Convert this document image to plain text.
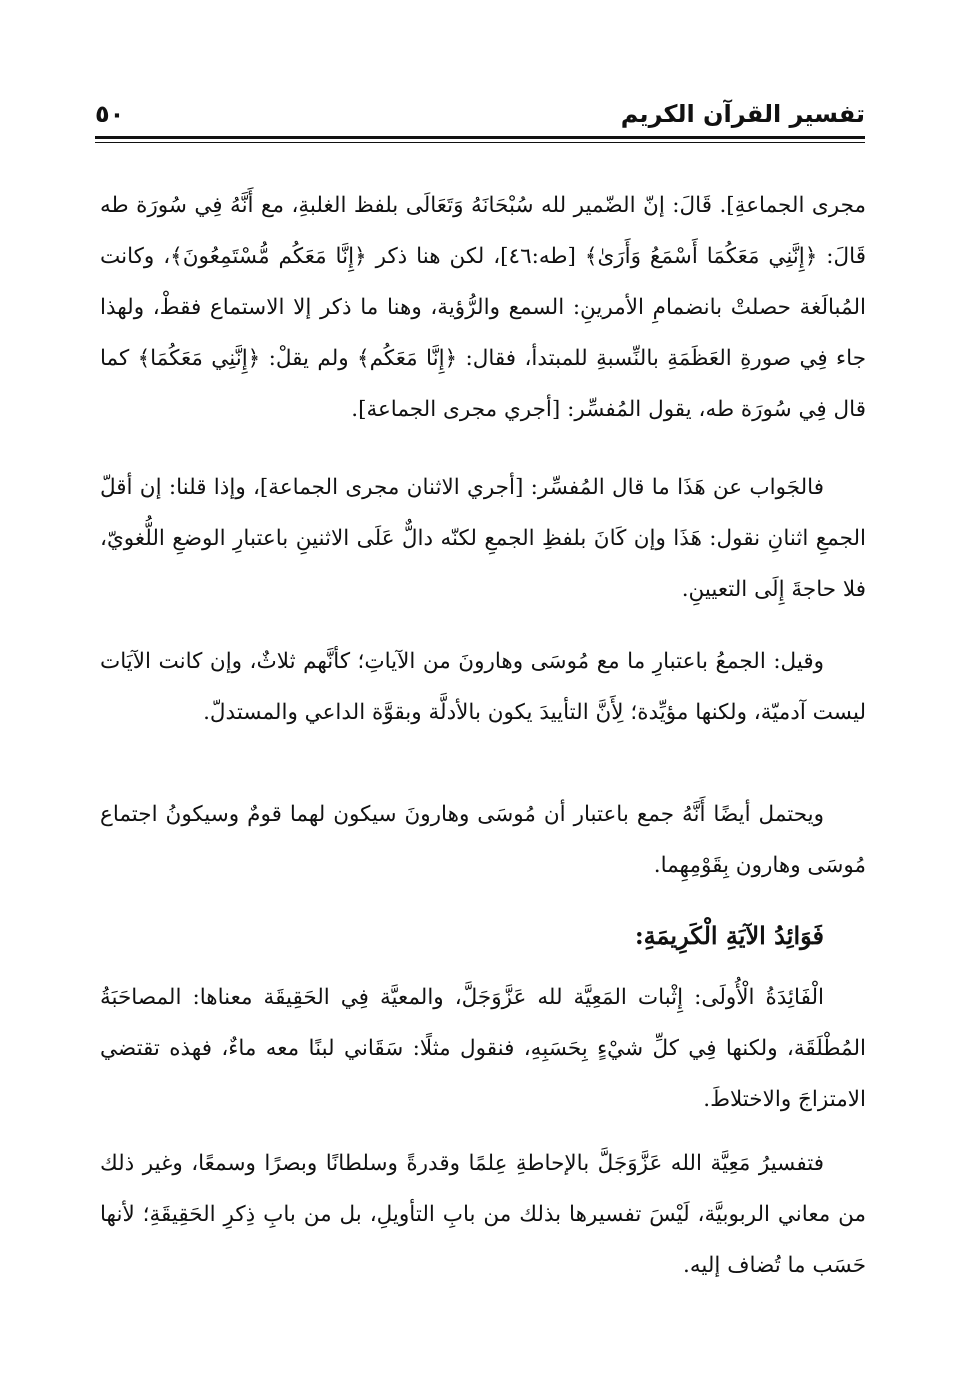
تفسير القرآن الكريم
٥٠

مجرى الجماعةِ]. قَالَ: إنّ الضّمير لله سُبْحَانَهُ وَتَعَالَى بلفظ الغلبةِ، مع أَنَّهُ فِي سُورَة طه قَالَ: ﴿إِنَّنِي مَعَكُمَا أَسْمَعُ وَأَرَىٰ﴾ [طه:٤٦]، لكن هنا ذكر ﴿إِنَّا مَعَكُم مُّسْتَمِعُونَ﴾، وكانت المُبالَغة حصلتْ بانضمامِ الأمرينِ: السمع والرُّؤية، وهنا ما ذكر إلا الاستماع فقطْ، ولهذا جاء فِي صورةِ العَظَمَةِ بالنِّسبةِ للمبتدأ، فقال: ﴿إِنَّا مَعَكُم﴾ ولم يقلْ: ﴿إِنَّنِي مَعَكُمَا﴾ كما قال فِي سُورَة طه، يقول المُفسِّر: [أجري مجرى الجماعة].

فالجَواب عن هَذَا ما قال المُفسِّر: [أجري الاثنان مجرى الجماعة]، وإذا قلنا: إن أقلّ الجمعِ اثنانِ نقول: هَذَا وإن كَانَ بلفظِ الجمعِ لكنّه دالٌّ عَلَى الاثنينِ باعتبارِ الوضعِ اللُّغويّ، فلا حاجةَ إِلَى التعيينِ.

وقيل: الجمعُ باعتبارِ ما مع مُوسَى وهارونَ من الآياتِ؛ كأنَّهم ثلاثٌ، وإن كانت الآيَات ليست آدميّة، ولكنها مؤيِّدة؛ لِأَنَّ التأييدَ يكون بالأدلَّة وبقوَّة الداعي والمستدلّ.

ويحتمل أيضًا أَنَّهُ جمع باعتبار أن مُوسَى وهارونَ سيكون لهما قومٌ وسيكونُ اجتماع مُوسَى وهارون بِقَوْمِهِما.

فَوَائِدُ الآيَةِ الْكَرِيمَةِ:

الْفَائِدَةُ الْأُولَى: إِثْبات المَعِيَّة لله عَزَّوَجَلَّ، والمعيَّة فِي الحَقِيقَة معناها: المصاحَبَةُ المُطْلَقَة، ولكنها فِي كلِّ شيْءٍ بِحَسَبِهِ، فنقول مثلًا: سَقَاني لبنًا معه ماءٌ، فهذه تقتضي الامتزاجَ والاختلاطَ.

فتفسيرُ مَعِيَّة الله عَزَّوَجَلَّ بالإحاطةِ عِلمًا وقدرةً وسلطانًا وبصرًا وسمعًا، وغير ذلك من معاني الربوبيَّة، لَيْسَ تفسيرها بذلك من بابِ التأويلِ، بل من بابِ ذِكرِ الحَقِيقَةِ؛ لأنها حَسَب ما تُضاف إليه.
